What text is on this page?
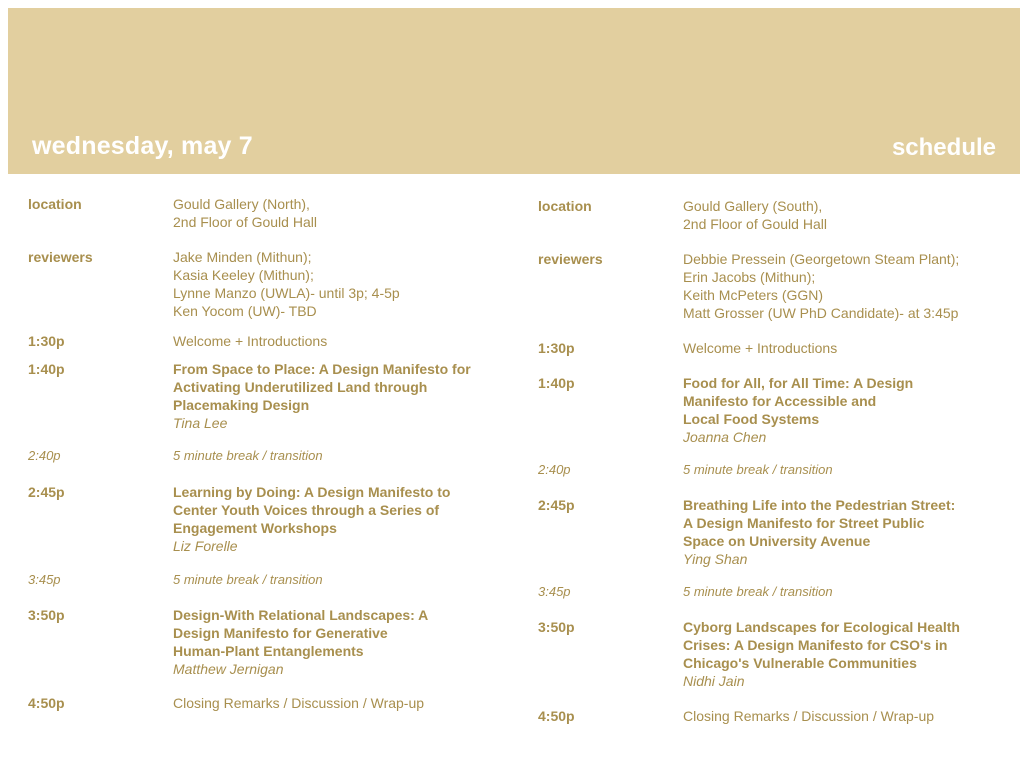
wednesday, may 7	schedule
location	Gould Gallery (North),
2nd Floor of Gould Hall
reviewers	Jake Minden (Mithun);
Kasia Keeley (Mithun);
Lynne Manzo (UWLA)- until 3p; 4-5p
Ken Yocom (UW)- TBD
1:30p	Welcome + Introductions
1:40p	From Space to Place: A Design Manifesto for
Activating Underutilized Land through
Placemaking Design
Tina Lee
2:40p	5 minute break / transition
2:45p	Learning by Doing: A Design Manifesto to
Center Youth Voices through a Series of
Engagement Workshops
Liz Forelle
3:45p	5 minute break / transition
3:50p	Design-With Relational Landscapes: A
Design Manifesto for Generative
Human-Plant Entanglements
Matthew Jernigan
4:50p	Closing Remarks / Discussion / Wrap-up
location	Gould Gallery (South),
2nd Floor of Gould Hall
reviewers	Debbie Pressein (Georgetown Steam Plant);
Erin Jacobs (Mithun);
Keith McPeters (GGN)
Matt Grosser (UW PhD Candidate)- at 3:45p
1:30p	Welcome + Introductions
1:40p	Food for All, for All Time: A Design
Manifesto for Accessible and
Local Food Systems
Joanna Chen
2:40p	5 minute break / transition
2:45p	Breathing Life into the Pedestrian Street:
A Design Manifesto for Street Public
Space on University Avenue
Ying Shan
3:45p	5 minute break / transition
3:50p	Cyborg Landscapes for Ecological Health
Crises: A Design Manifesto for CSO's in
Chicago's Vulnerable Communities
Nidhi Jain
4:50p	Closing Remarks / Discussion / Wrap-up
